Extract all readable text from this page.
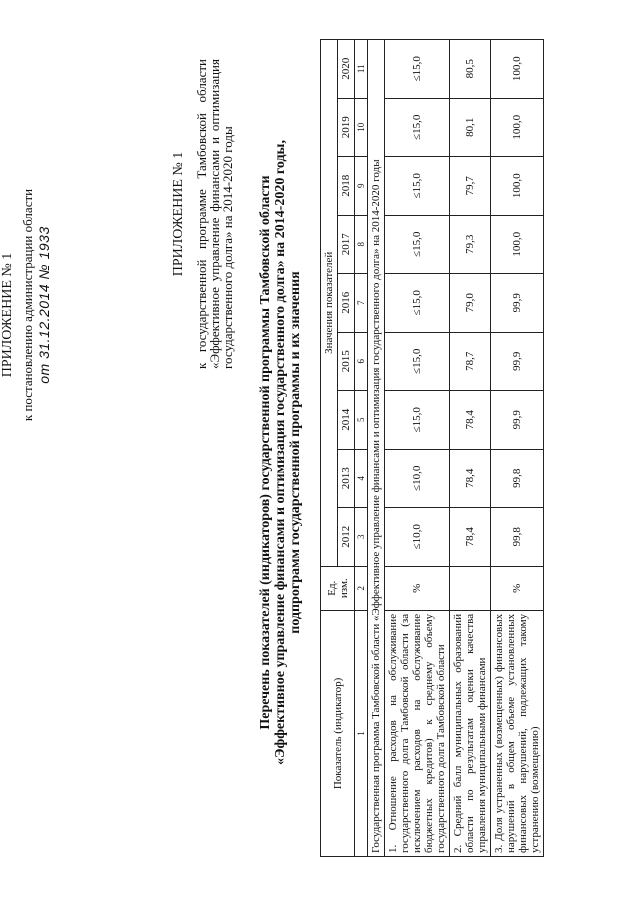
ПРИЛОЖЕНИЕ № 1 к постановлению администрации области от 31.12.2014 № 1933
ПРИЛОЖЕНИЕ № 1 к государственной программе Тамбовской области «Эффективное управление финансами и оптимизация государственного долга» на 2014-2020 годы Перечень показателей (индикаторов) государственной программы Тамбовской области «Эффективное управление финансами и оптимизация государственного долга» на 2014-2020 годы, подпрограмм государственной программы и их значения
Показатель (индикатор)	Ед. изм.	Значения показателей								
		2012	2013	2014	2015	2016	2017	2018	2019	2020
1	2	3	4	5	6	7	8	9	10	11
Государственная программа Тамбовской области «Эффективное управление финансами и оптимизация государственного долга» на 2014-2020 годы										
1. Отношение расходов на обслуживание государственного долга Тамбовской области (за исключением расходов на обслуживание бюджетных кредитов) к среднему объему государственного долга Тамбовской области	%	≤10,0	≤10,0	≤15,0	≤15,0	≤15,0	≤15,0	≤15,0	≤15,0	≤15,0
2. Средний балл муниципальных образований области по результатам оценки качества управления муниципальными финансами		78,4	78,4	78,4	78,7	79,0	79,3	79,7	80,1	80,5
3. Доля устраненных (возмещенных) финансовых нарушений в общем объеме установленных финансовых нарушений, подлежащих такому устранению (возмещению)	%	99,8	99,8	99,9	99,9	99,9	100,0	100,0	100,0	100,0
